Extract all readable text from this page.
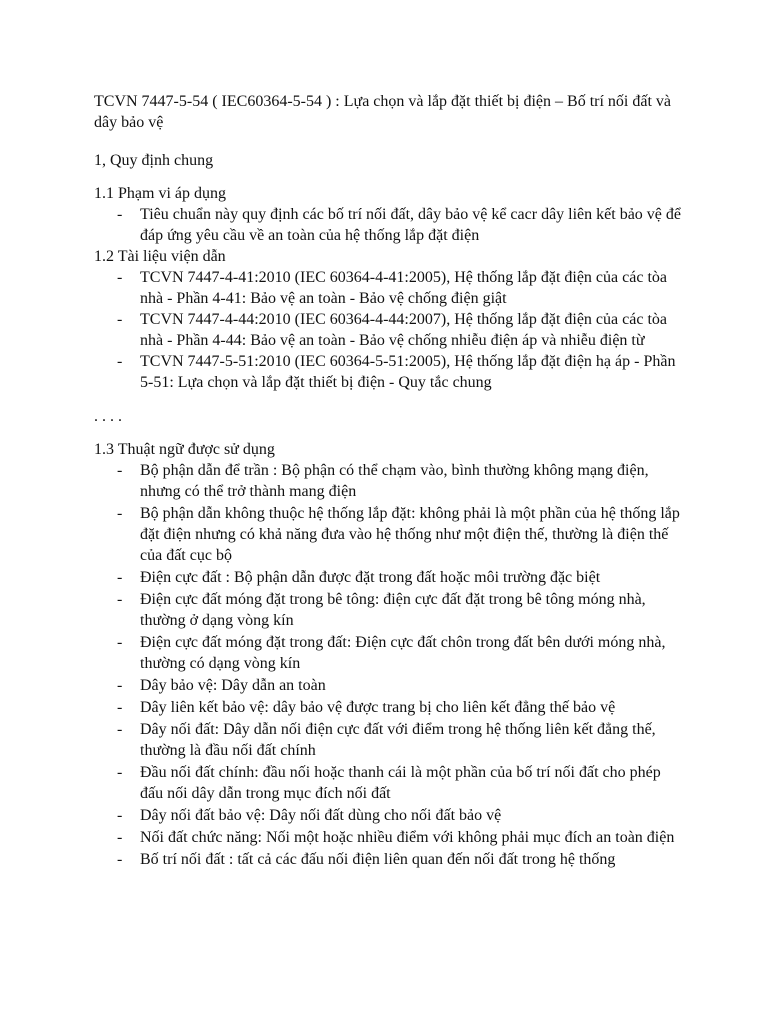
TCVN 7447-5-54 ( IEC60364-5-54 ) : Lựa chọn và lắp đặt thiết bị điện – Bố trí nối đất và dây bảo vệ

1, Quy định chung

1.1 Phạm vi áp dụng

- Tiêu chuẩn này quy định các bố trí nối đất, dây bảo vệ kể cacr dây liên kết bảo vệ để đáp ứng yêu cầu về an toàn của hệ thống lắp đặt điện

1.2 Tài liệu viện dẫn

- TCVN 7447-4-41:2010 (IEC 60364-4-41:2005), Hệ thống lắp đặt điện của các tòa nhà - Phần 4-41: Bảo vệ an toàn - Bảo vệ chống điện giật
- TCVN 7447-4-44:2010 (IEC 60364-4-44:2007), Hệ thống lắp đặt điện của các tòa nhà - Phần 4-44: Bảo vệ an toàn - Bảo vệ chống nhiễu điện áp và nhiễu điện từ
- TCVN 7447-5-51:2010 (IEC 60364-5-51:2005), Hệ thống lắp đặt điện hạ áp - Phần 5-51: Lựa chọn và lắp đặt thiết bị điện - Quy tắc chung

. . . .

1.3 Thuật ngữ được sử dụng

- Bộ phận dẫn để trần : Bộ phận có thể chạm vào, bình thường không mạng điện, nhưng có thể trở thành mang điện
- Bộ phận dẫn không thuộc hệ thống lắp đặt: không phải là một phần của hệ thống lắp đặt điện nhưng có khả năng đưa vào hệ thống như một điện thế, thường là điện thế của đất cục bộ
- Điện cực đất : Bộ phận dẫn được đặt trong đất hoặc môi trường đặc biệt
- Điện cực đất móng đặt trong bê tông: điện cực đất đặt trong bê tông móng nhà, thường ở dạng vòng kín
- Điện cực đất móng đặt trong đất: Điện cực đất chôn trong đất bên dưới móng nhà, thường có dạng vòng kín
- Dây bảo vệ: Dây dẫn an toàn
- Dây liên kết bảo vệ: dây bảo vệ được trang bị cho liên kết đẳng thế bảo vệ
- Dây nối đất: Dây dẫn nối điện cực đất với điểm trong hệ thống liên kết đẳng thế, thường là đầu nối đất chính
- Đầu nối đất chính: đầu nối hoặc thanh cái là một phần của bố trí nối đất cho phép đấu nối dây dẫn trong mục đích nối đất
- Dây nối đất bảo vệ: Dây nối đất dùng cho nối đất bảo vệ
- Nối đất chức năng: Nối một hoặc nhiều điểm với không phải mục đích an toàn điện
- Bố trí nối đất : tất cả các đấu nối điện liên quan đến nối đất trong hệ thống
